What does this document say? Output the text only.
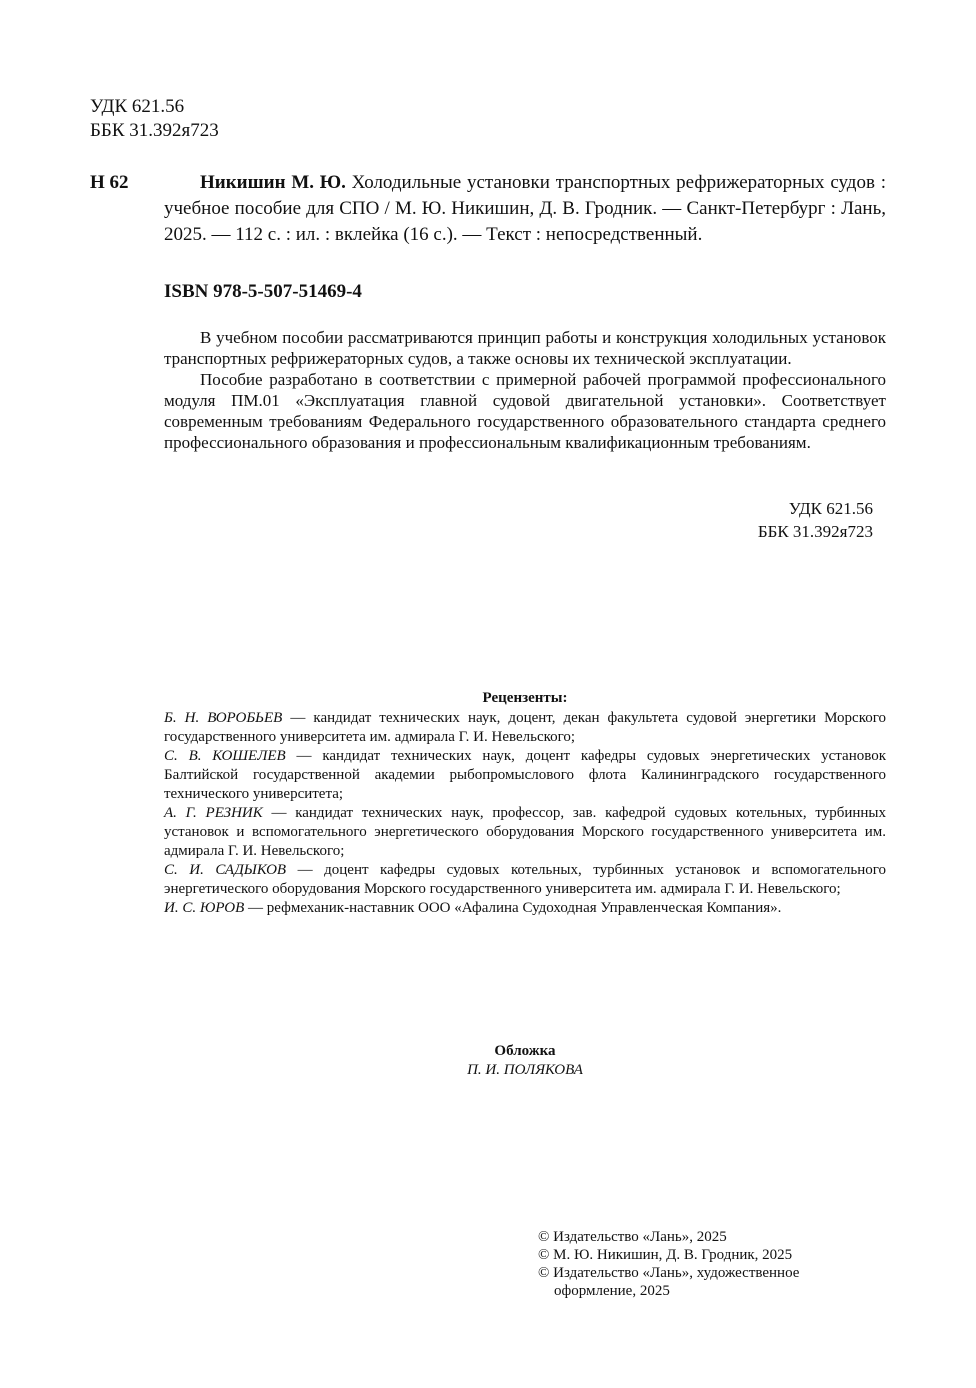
УДК 621.56
ББК 31.392я723
Н 62	Никишин М. Ю. Холодильные установки транспортных рефрижераторных судов : учебное пособие для СПО / М. Ю. Никишин, Д. В. Гродник. — Санкт-Петербург : Лань, 2025. — 112 с. : ил. : вклейка (16 с.). — Текст : непосредственный.
ISBN 978-5-507-51469-4

В учебном пособии рассматриваются принцип работы и конструкция холодильных установок транспортных рефрижераторных судов, а также основы их технической эксплуатации.

Пособие разработано в соответствии с примерной рабочей программой профессионального модуля ПМ.01 «Эксплуатация главной судовой двигательной установки». Соответствует современным требованиям Федерального государственного образовательного стандарта среднего профессионального образования и профессиональным квалификационным требованиям.

УДК 621.56
ББК 31.392я723
Рецензенты:

Б. Н. ВОРОБЬЕВ — кандидат технических наук, доцент, декан факультета судовой энергетики Морского государственного университета им. адмирала Г. И. Невельского;

С. В. КОШЕЛЕВ — кандидат технических наук, доцент кафедры судовых энергетических установок Балтийской государственной академии рыбопромыслового флота Калининградского государственного технического университета;

А. Г. РЕЗНИК — кандидат технических наук, профессор, зав. кафедрой судовых котельных, турбинных установок и вспомогательного энергетического оборудования Морского государственного университета им. адмирала Г. И. Невельского;

С. И. САДЫКОВ — доцент кафедры судовых котельных, турбинных установок и вспомогательного энергетического оборудования Морского государственного университета им. адмирала Г. И. Невельского;

И. С. ЮРОВ — рефмеханик-наставник ООО «Афалина Судоходная Управленческая Компания».

Обложка
П. И. ПОЛЯКОВА
© Издательство «Лань», 2025
© М. Ю. Никишин, Д. В. Гродник, 2025
© Издательство «Лань», художественное
оформление, 2025
